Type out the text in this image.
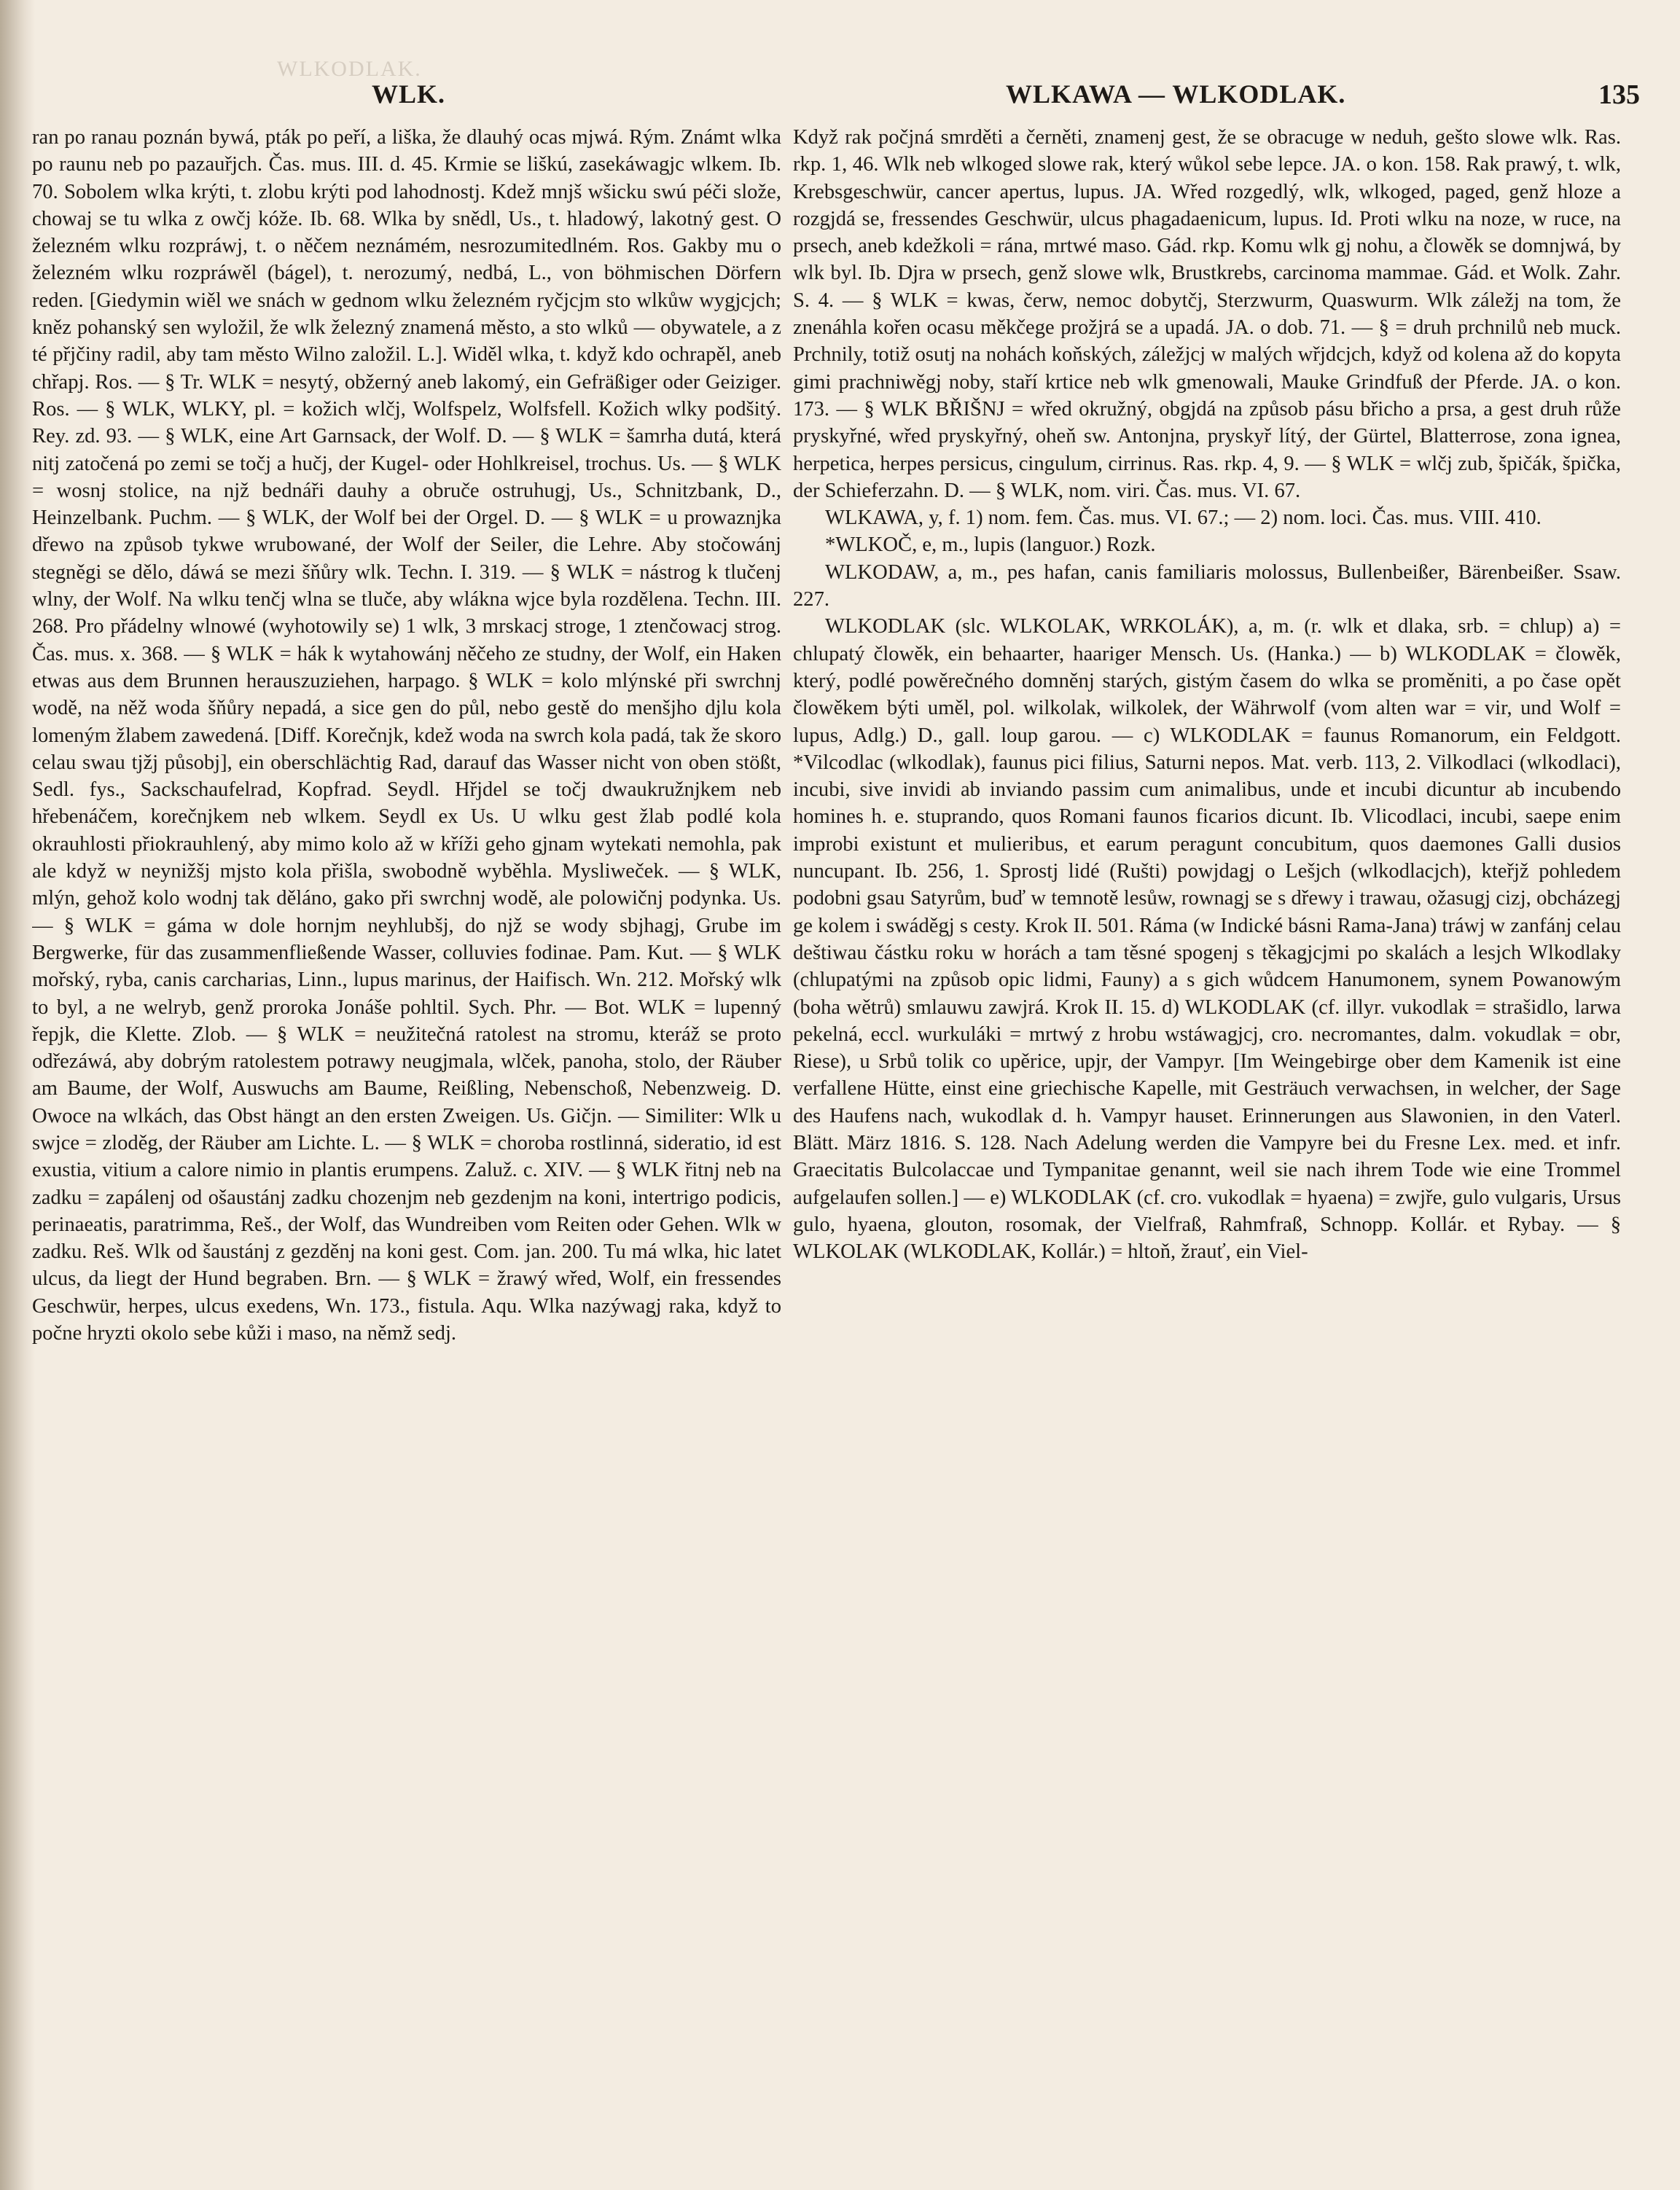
WLKODLAK.
WLK.	WLKAWA — WLKODLAK.	135

ran po ranau poznán bywá, pták po peří, a liška, že dlauhý ocas mjwá. Rým. Známt wlka po raunu neb po pazauřjch. Čas. mus. III. d. 45. Krmie se liškú, zasekáwagjc wlkem. Ib. 70. Sobolem wlka krýti, t. zlobu krýti pod lahodnostj. Kdež mnjš wšicku swú péči slože, chowaj se tu wlka z owčj kóže. Ib. 68. Wlka by snědl, Us., t. hladowý, lakotný gest. O železném wlku rozpráwj, t. o něčem neznámém, nesrozumitedlném. Ros. Gakby mu o železném wlku rozpráwěl (bágel), t. nerozumý, nedbá, L., von böhmischen Dörfern reden. [Giedymin wiěl we snách w gednom wlku železném ryčjcjm sto wlkůw wygjcjch; kněz pohanský sen wyložil, že wlk železný znamená město, a sto wlků — obywatele, a z té přjčiny radil, aby tam město Wilno založil. L.]. Widěl wlka, t. když kdo ochrapěl, aneb chřapj. Ros. — § Tr. WLK = nesytý, obžerný aneb lakomý, ein Gefräßiger oder Geiziger. Ros. — § WLK, WLKY, pl. = kožich wlčj, Wolfspelz, Wolfsfell. Kožich wlky podšitý. Rey. zd. 93. — § WLK, eine Art Garnsack, der Wolf. D. — § WLK = šamrha dutá, která nitj zatočená po zemi se točj a hučj, der Kugel- oder Hohlkreisel, trochus. Us. — § WLK = wosnj stolice, na njž bednáři dauhy a obruče ostruhugj, Us., Schnitzbank, D., Heinzelbank. Puchm. — § WLK, der Wolf bei der Orgel. D. — § WLK = u prowaznjka dřewo na způsob tykwe wrubowané, der Wolf der Seiler, die Lehre. Aby stočowánj stegněgi se dělo, dáwá se mezi šňůry wlk. Techn. I. 319. — § WLK = nástrog k tlučenj wlny, der Wolf. Na wlku tenčj wlna se tluče, aby wlákna wjce byla rozdělena. Techn. III. 268. Pro přádelny wlnowé (wyhotowily se) 1 wlk, 3 mrskacj stroge, 1 ztenčowacj strog. Čas. mus. x. 368. — § WLK = hák k wytahowánj něčeho ze studny, der Wolf, ein Haken etwas aus dem Brunnen herauszuziehen, harpago. § WLK = kolo mlýnské při swrchnj wodě, na něž woda šňůry nepadá, a sice gen do půl, nebo gestě do menšjho djlu kola lomeným žlabem zawedená. [Diff. Korečnjk, kdež woda na swrch kola padá, tak že skoro celau swau tjžj působj], ein oberschlächtig Rad, darauf das Wasser nicht von oben stößt, Sedl. fys., Sackschaufelrad, Kopfrad. Seydl. Hřjdel se točj dwaukružnjkem neb hřebenáčem, korečnjkem neb wlkem. Seydl ex Us. U wlku gest žlab podlé kola okrauhlosti přiokrauhlený, aby mimo kolo až w kříži geho gjnam wytekati nemohla, pak ale když w neynižšj mjsto kola přišla, swobodně wyběhla. Mysliweček. — § WLK, mlýn, gehož kolo wodnj tak děláno, gako při swrchnj wodě, ale polowičnj podynka. Us. — § WLK = gáma w dole hornjm neyhlubšj, do njž se wody sbjhagj, Grube im Bergwerke, für das zusammenfließende Wasser, colluvies fodinae. Pam. Kut. — § WLK mořský, ryba, canis carcharias, Linn., lupus marinus, der Haifisch. Wn. 212. Mořský wlk to byl, a ne welryb, genž proroka Jonáše pohltil. Sych. Phr. — Bot. WLK = lupenný řepjk, die Klette. Zlob. — § WLK = neužitečná ratolest na stromu, kteráž se proto odřezáwá, aby dobrým ratolestem potrawy neugjmala, wlček, panoha, stolo, der Räuber am Baume, der Wolf, Auswuchs am Baume, Reißling, Nebenschoß, Nebenzweig. D. Owoce na wlkách, das Obst hängt an den ersten Zweigen. Us. Gičjn. — Similiter: Wlk u swjce = zloděg, der Räuber am Lichte. L. — § WLK = choroba rostlinná, sideratio, id est exustia, vitium a calore nimio in plantis erumpens. Zaluž. c. XIV. — § WLK řitnj neb na zadku = zapálenj od ošaustánj zadku chozenjm neb gezdenjm na koni, intertrigo podicis, perinaeatis, paratrimma, Reš., der Wolf, das Wundreiben vom Reiten oder Gehen. Wlk w zadku. Reš. Wlk od šaustánj z gezděnj na koni gest. Com. jan. 200. Tu má wlka, hic latet ulcus, da liegt der Hund begraben. Brn. — § WLK = žrawý wřed, Wolf, ein fressendes Geschwür, herpes, ulcus exedens, Wn. 173., fistula. Aqu. Wlka nazýwagj raka, když to počne hryzti okolo sebe kůži i maso, na němž sedj.

Když rak počjná smrděti a černěti, znamenj gest, že se obracuge w neduh, gešto slowe wlk. Ras. rkp. 1, 46. Wlk neb wlkoged slowe rak, který wůkol sebe lepce. JA. o kon. 158. Rak prawý, t. wlk, Krebsgeschwür, cancer apertus, lupus. JA. Wřed rozgedlý, wlk, wlkoged, paged, genž hloze a rozgjdá se, fressendes Geschwür, ulcus phagadaenicum, lupus. Id. Proti wlku na noze, w ruce, na prsech, aneb kdežkoli = rána, mrtwé maso. Gád. rkp. Komu wlk gj nohu, a člowěk se domnjwá, by wlk byl. Ib. Djra w prsech, genž slowe wlk, Brustkrebs, carcinoma mammae. Gád. et Wolk. Zahr. S. 4. — § WLK = kwas, čerw, nemoc dobytčj, Sterzwurm, Quaswurm. Wlk záležj na tom, že znenáhla kořen ocasu měkčege prožjrá se a upadá. JA. o dob. 71. — § = druh prchnilů neb muck. Prchnily, totiž osutj na nohách koňských, záležjcj w malých wřjdcjch, když od kolena až do kopyta gimi prachniwěgj noby, staří krtice neb wlk gmenowali, Mauke Grindfuß der Pferde. JA. o kon. 173. — § WLK BŘIŠNJ = wřed okružný, obgjdá na způsob pásu břicho a prsa, a gest druh růže pryskyřné, wřed pryskyřný, oheň sw. Antonjna, pryskyř lítý, der Gürtel, Blatterrose, zona ignea, herpetica, herpes persicus, cingulum, cirrinus. Ras. rkp. 4, 9. — § WLK = wlčj zub, špičák, špička, der Schieferzahn. D. — § WLK, nom. viri. Čas. mus. VI. 67.

WLKAWA, y, f. 1) nom. fem. Čas. mus. VI. 67.; — 2) nom. loci. Čas. mus. VIII. 410.

*WLKOČ, e, m., lupis (languor.) Rozk.

WLKODAW, a, m., pes hafan, canis familiaris molossus, Bullenbeißer, Bärenbeißer. Ssaw. 227.

WLKODLAK (slc. WLKOLAK, WRKOLÁK), a, m. (r. wlk et dlaka, srb. = chlup) a) = chlupatý člowěk, ein behaarter, haariger Mensch. Us. (Hanka.) — b) WLKODLAK = člowěk, který, podlé powěrečného domněnj starých, gistým časem do wlka se proměniti, a po čase opět člowěkem býti uměl, pol. wilkolak, wilkolek, der Währwolf (vom alten war = vir, und Wolf = lupus, Adlg.) D., gall. loup garou. — c) WLKODLAK = faunus Romanorum, ein Feldgott. *Vilcodlac (wlkodlak), faunus pici filius, Saturni nepos. Mat. verb. 113, 2. Vilkodlaci (wlkodlaci), incubi, sive invidi ab inviando passim cum animalibus, unde et incubi dicuntur ab incubendo homines h. e. stuprando, quos Romani faunos ficarios dicunt. Ib. Vlicodlaci, incubi, saepe enim improbi existunt et mulieribus, et earum peragunt concubitum, quos daemones Galli dusios nuncupant. Ib. 256, 1. Sprostj lidé (Rušti) powjdagj o Lešjch (wlkodlacjch), kteřjž pohledem podobni gsau Satyrům, buď w temnotě lesůw, rownagj se s dřewy i trawau, ožasugj cizj, obcházegj ge kolem i swáděgj s cesty. Krok II. 501. Ráma (w Indické básni Rama-Jana) tráwj w zanfánj celau deštiwau částku roku w horách a tam těsné spogenj s těkagjcjmi po skalách a lesjch Wlkodlaky (chlupatými na způsob opic lidmi, Fauny) a s gich wůdcem Hanumonem, synem Powanowým (boha wětrů) smlauwu zawjrá. Krok II. 15. d) WLKODLAK (cf. illyr. vukodlak = strašidlo, larwa pekelná, eccl. wurkuláki = mrtwý z hrobu wstáwagjcj, cro. necromantes, dalm. vokudlak = obr, Riese), u Srbů tolik co upěrice, upjr, der Vampyr. [Im Weingebirge ober dem Kamenik ist eine verfallene Hütte, einst eine griechische Kapelle, mit Gesträuch verwachsen, in welcher, der Sage des Haufens nach, wukodlak d. h. Vampyr hauset. Erinnerungen aus Slawonien, in den Vaterl. Blätt. März 1816. S. 128. Nach Adelung werden die Vampyre bei du Fresne Lex. med. et infr. Graecitatis Bulcolaccae und Tympanitae genannt, weil sie nach ihrem Tode wie eine Trommel aufgelaufen sollen.] — e) WLKODLAK (cf. cro. vukodlak = hyaena) = zwjře, gulo vulgaris, Ursus gulo, hyaena, glouton, rosomak, der Vielfraß, Rahmfraß, Schnopp. Kollár. et Rybay. — § WLKOLAK (WLKODLAK, Kollár.) = hltoň, žrauť, ein Viel-
